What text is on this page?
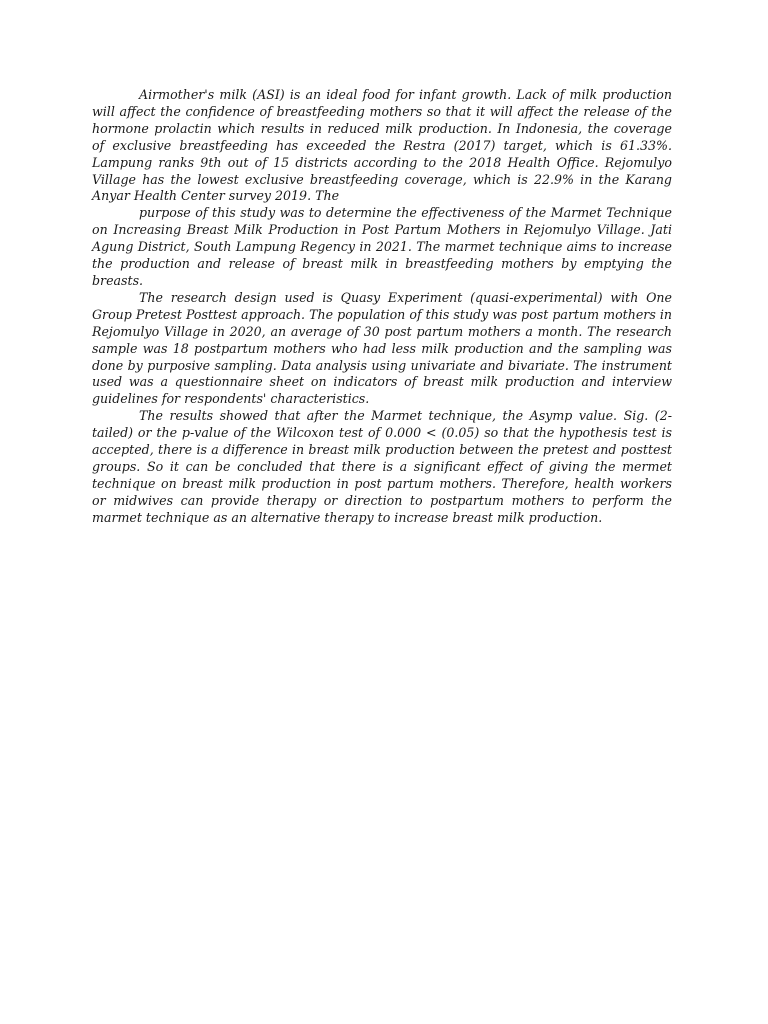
Airmother's milk (ASI) is an ideal food for infant growth. Lack of milk production will affect the confidence of breastfeeding mothers so that it will affect the release of the hormone prolactin which results in reduced milk production. In Indonesia, the coverage of exclusive breastfeeding has exceeded the Restra (2017) target, which is 61.33%. Lampung ranks 9th out of 15 districts according to the 2018 Health Office. Rejomulyo Village has the lowest exclusive breastfeeding coverage, which is 22.9% in the Karang Anyar Health Center survey 2019. The

purpose of this study was to determine the effectiveness of the Marmet Technique on Increasing Breast Milk Production in Post Partum Mothers in Rejomulyo Village. Jati Agung District, South Lampung Regency in 2021. The marmet technique aims to increase the production and release of breast milk in breastfeeding mothers by emptying the breasts.

The research design used is Quasy Experiment (quasi-experimental) with One Group Pretest Posttest approach. The population of this study was post partum mothers in Rejomulyo Village in 2020, an average of 30 post partum mothers a month. The research sample was 18 postpartum mothers who had less milk production and the sampling was done by purposive sampling. Data analysis using univariate and bivariate. The instrument used was a questionnaire sheet on indicators of breast milk production and interview guidelines for respondents' characteristics.

The results showed that after the Marmet technique, the Asymp value. Sig. (2-tailed) or the p-value of the Wilcoxon test of 0.000 < (0.05) so that the hypothesis test is accepted, there is a difference in breast milk production between the pretest and posttest groups. So it can be concluded that there is a significant effect of giving the mermet technique on breast milk production in post partum mothers. Therefore, health workers or midwives can provide therapy or direction to postpartum mothers to perform the marmet technique as an alternative therapy to increase breast milk production.
